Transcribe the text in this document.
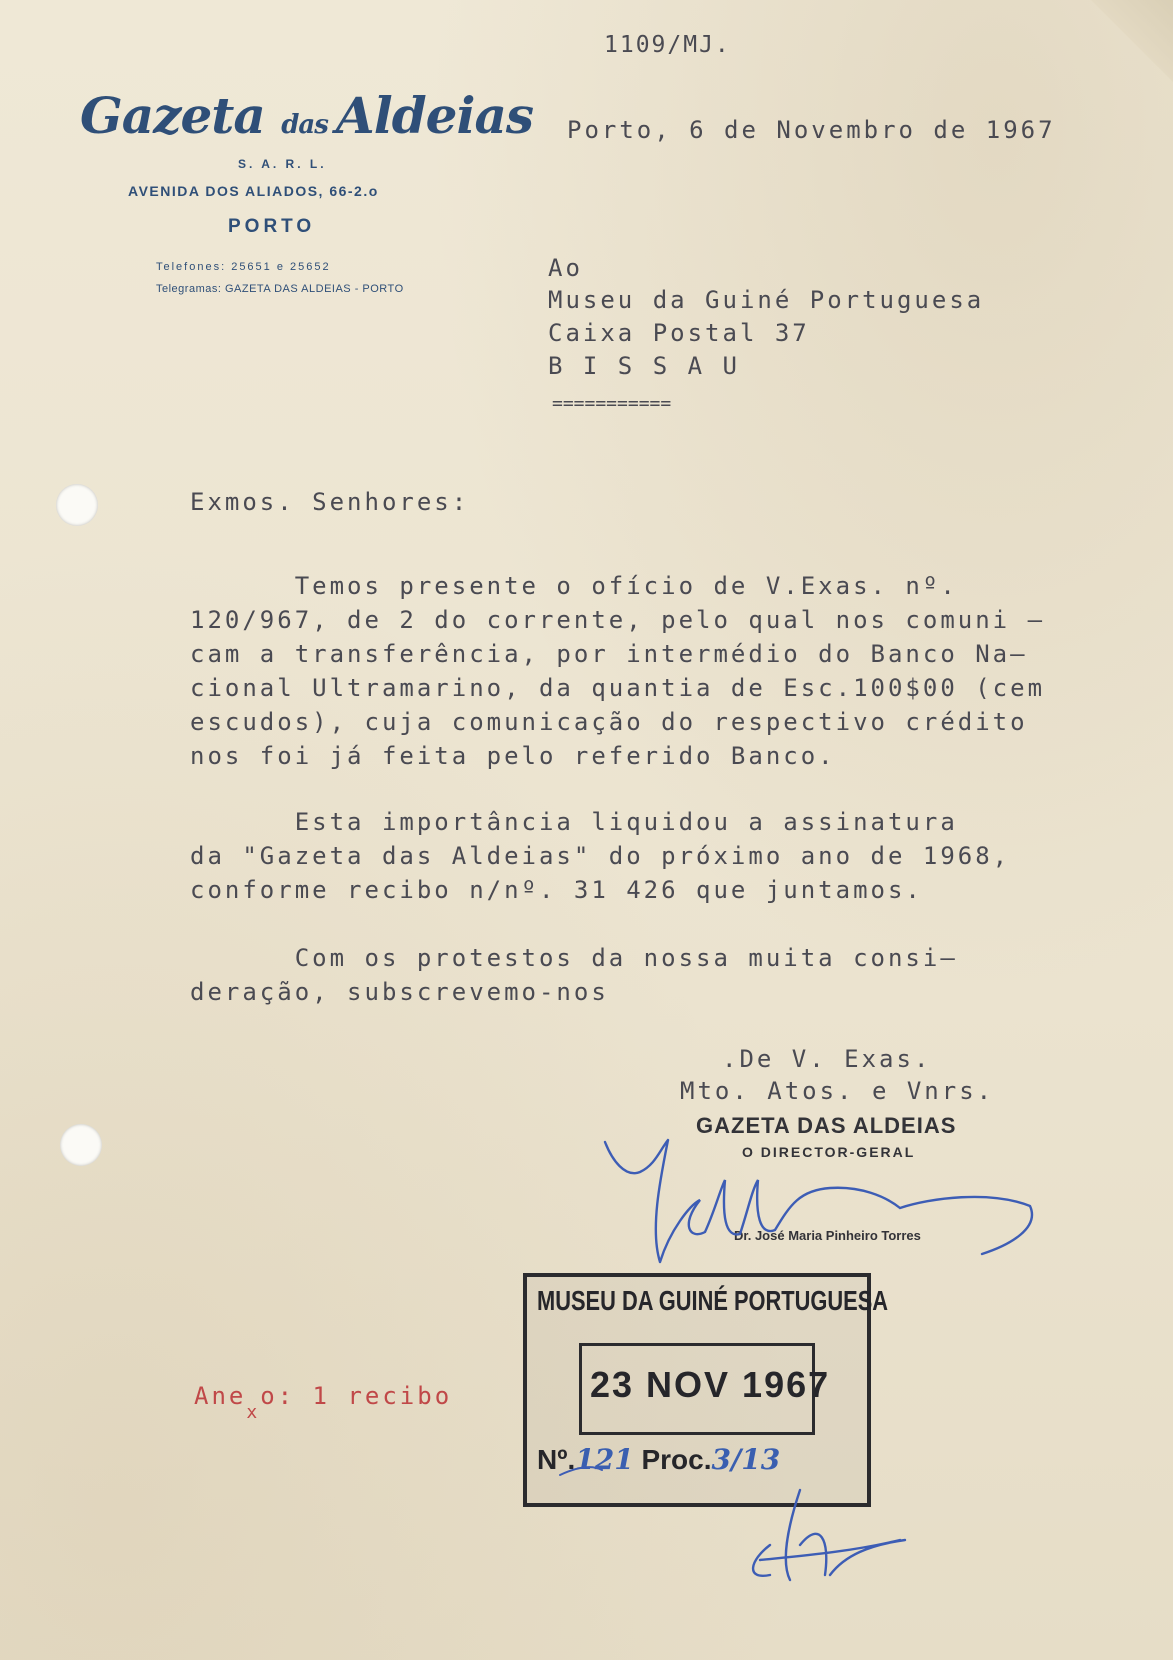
Gazeta das Aldeias
S. A. R. L.
AVENIDA DOS ALIADOS, 66-2.o
PORTO
Telefones: 25651 e 25652
Telegramas: GAZETA DAS ALDEIAS - PORTO
1109/MJ.
Porto, 6 de Novembro de 1967
Ao
Museu da Guiné Portuguesa
Caixa Postal 37
B I S S A U
===========
Exmos. Senhores:
Temos presente o ofício de V.Exas. nº.
120/967, de 2 do corrente, pelo qual nos comuni —
cam a transferência, por intermédio do Banco Na—
cional Ultramarino, da quantia de Esc.100$00 (cem
escudos), cuja comunicação do respectivo crédito
nos foi já feita pelo referido Banco.
Esta importância liquidou a assinatura
da "Gazeta das Aldeias" do próximo ano de 1968,
conforme recibo n/nº. 31 426 que juntamos.
Com os protestos da nossa muita consi—
deração, subscrevemo-nos
.De V. Exas.
Mto. Atos. e Vnrs.
GAZETA DAS ALDEIAS
O DIRECTOR-GERAL
Dr. José Maria Pinheiro Torres
Ane$_x$o: 1 recibo
MUSEU DA GUINÉ PORTUGUESA
23 NOV 1967
Nº.121 Proc.3/13
